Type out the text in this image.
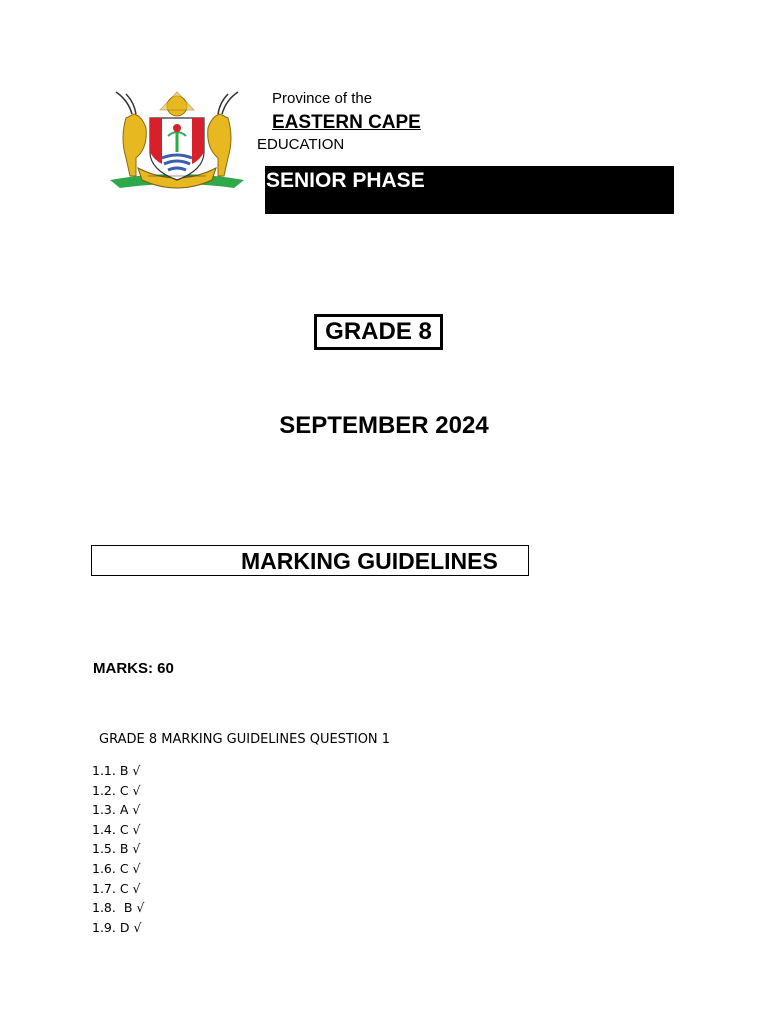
Province of the
EASTERN CAPE
EDUCATION
SENIOR PHASE
GRADE 8
SEPTEMBER 2024
MARKING GUIDELINES
MARKS: 60
GRADE 8 MARKING GUIDELINES QUESTION 1
1.1. B √
1.2. C √
1.3. A √
1.4. C √
1.5. B √
1.6. C √
1.7. C √
1.8.  B √
1.9. D √
